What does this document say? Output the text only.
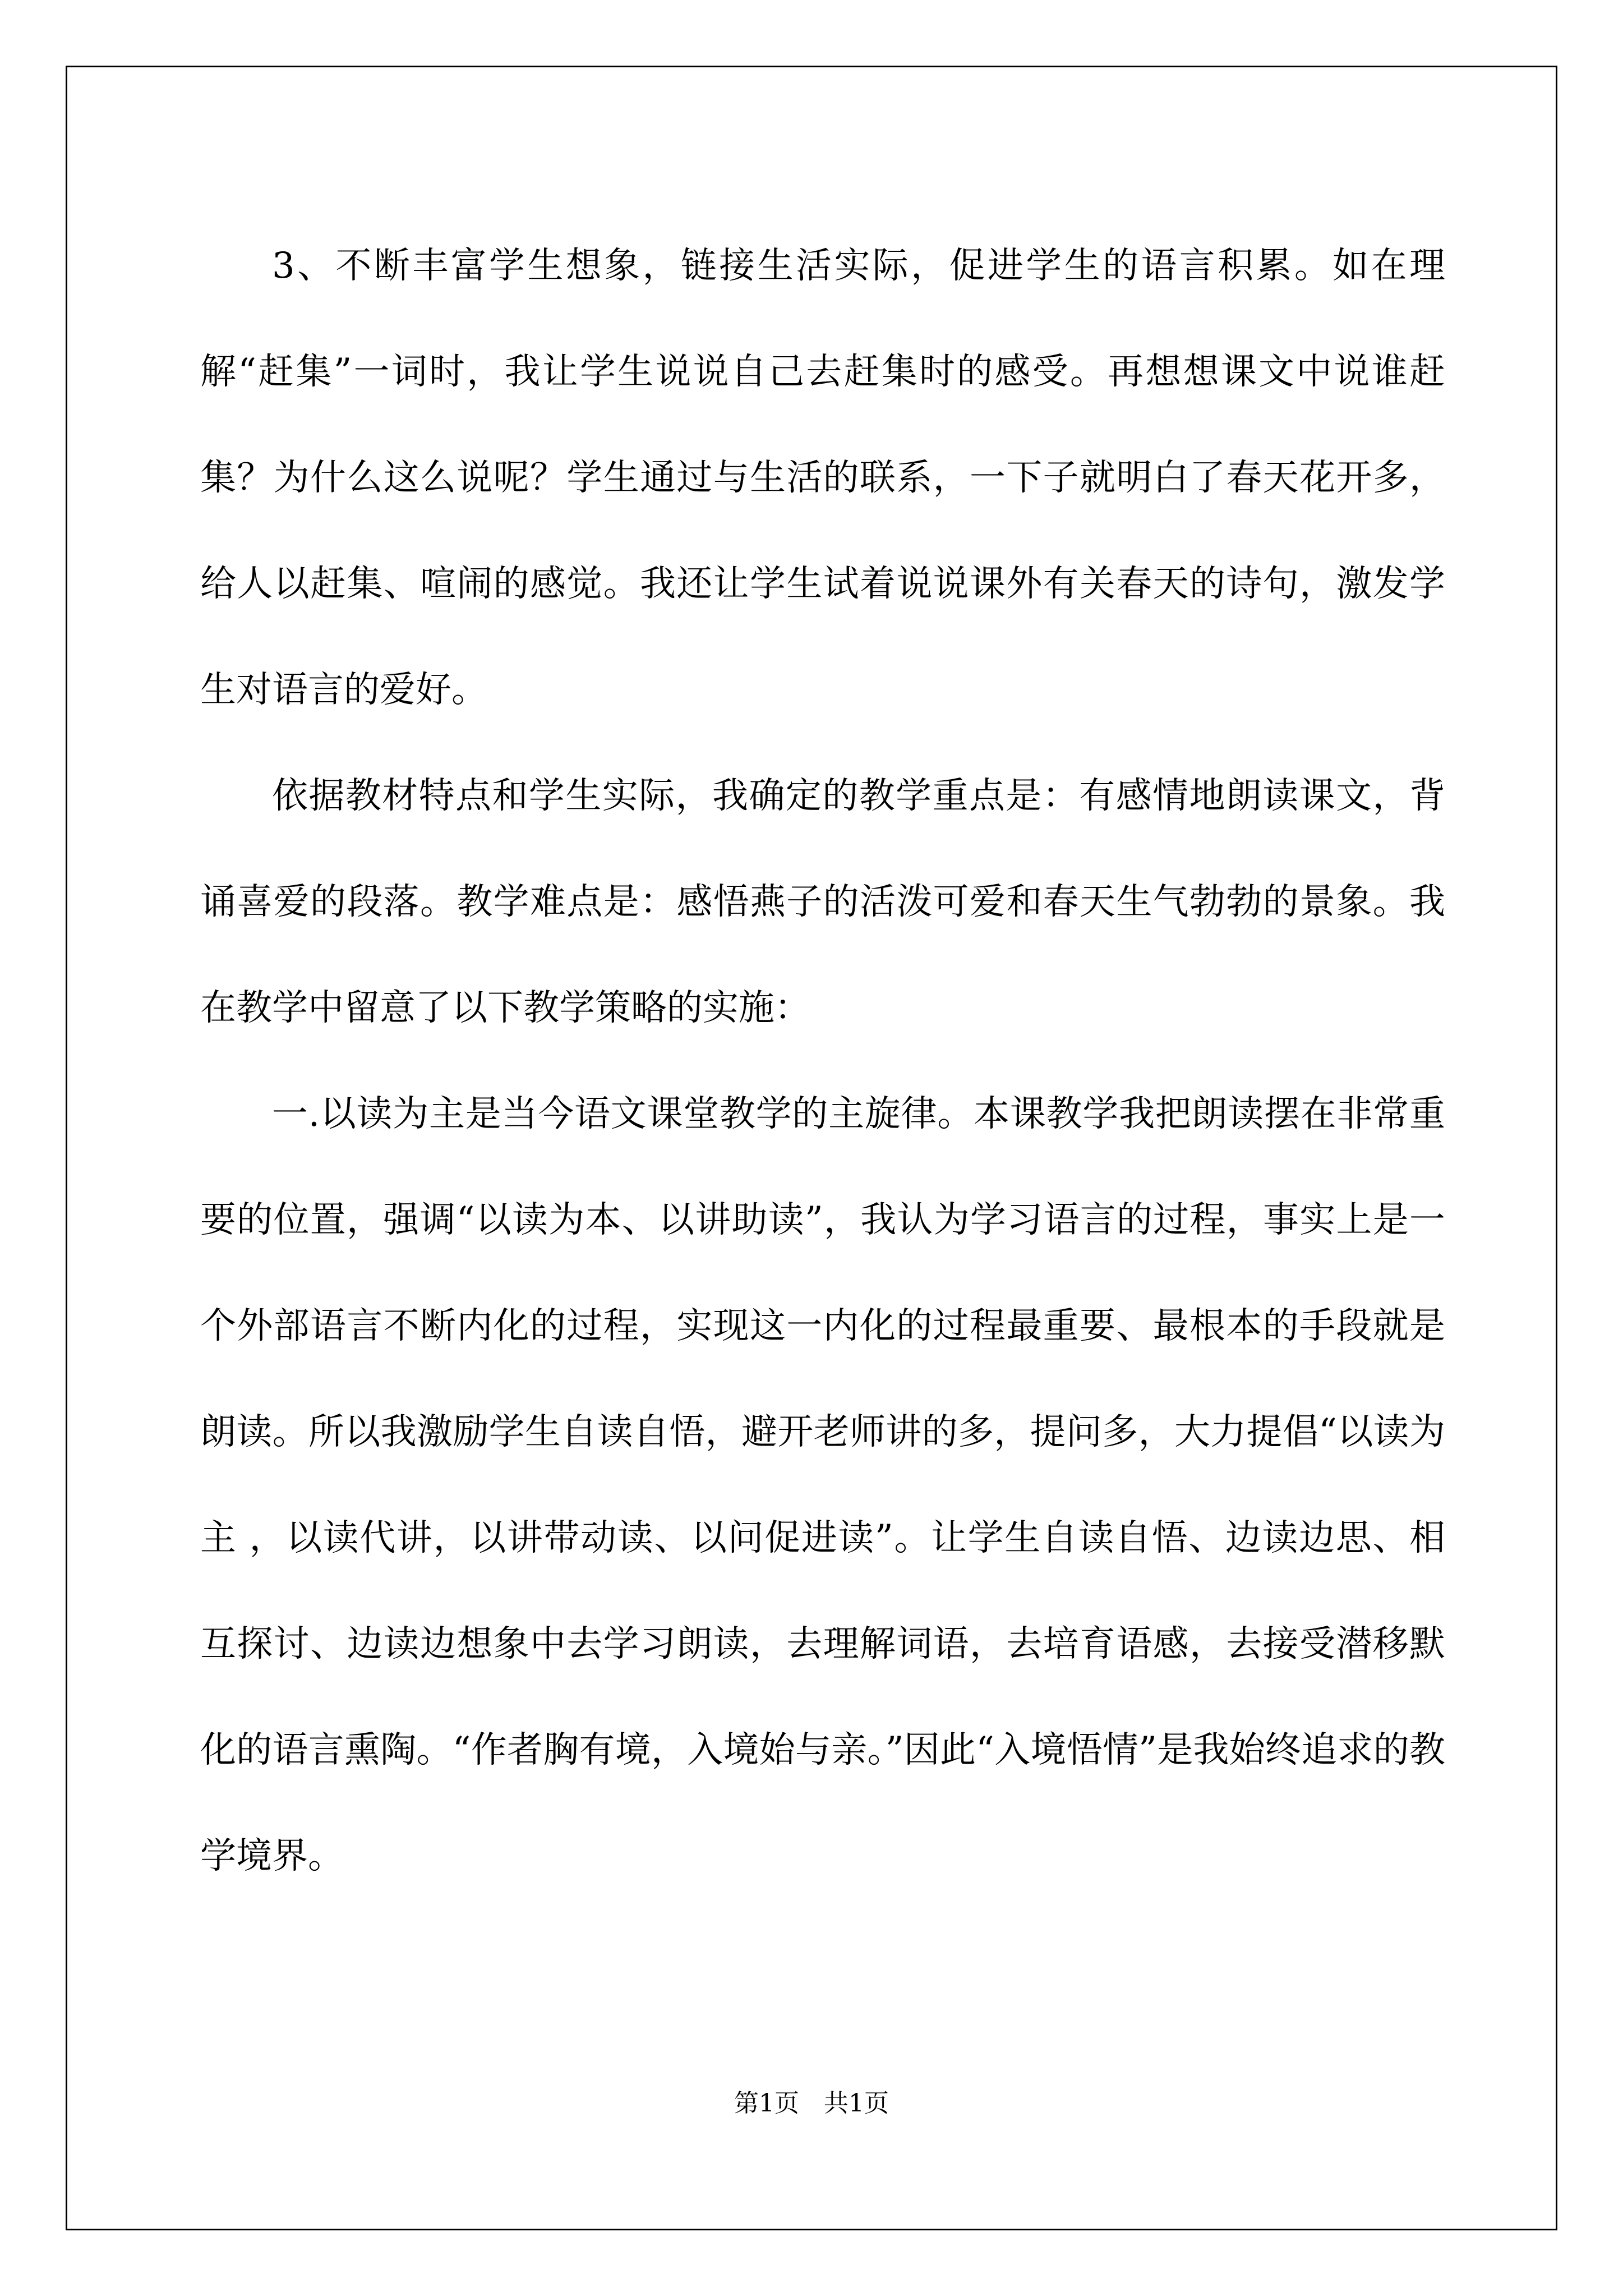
3、不断丰富学生想象，链接生活实际，促进学生的语言积累。如在理解“赶集”一词时，我让学生说说自己去赶集时的感受。再想想课文中说谁赶集？为什么这么说呢？学生通过与生活的联系，一下子就明白了春天花开多，给人以赶集、喧闹的感觉。我还让学生试着说说课外有关春天的诗句，激发学生对语言的爱好。

依据教材特点和学生实际，我确定的教学重点是：有感情地朗读课文，背诵喜爱的段落。教学难点是：感悟燕子的活泼可爱和春天生气勃勃的景象。我在教学中留意了以下教学策略的实施：

一.以读为主是当今语文课堂教学的主旋律。本课教学我把朗读摆在非常重要的位置，强调“以读为本、以讲助读”，我认为学习语言的过程，事实上是一个外部语言不断内化的过程，实现这一内化的过程最重要、最根本的手段就是朗读。所以我激励学生自读自悟，避开老师讲的多，提问多，大力提倡“以读为主 ，以读代讲，以讲带动读、以问促进读”。让学生自读自悟、边读边思、相互探讨、边读边想象中去学习朗读，去理解词语，去培育语感，去接受潜移默化的语言熏陶。“作者胸有境，入境始与亲。”因此“入境悟情”是我始终追求的教学境界。

第1页　共1页
